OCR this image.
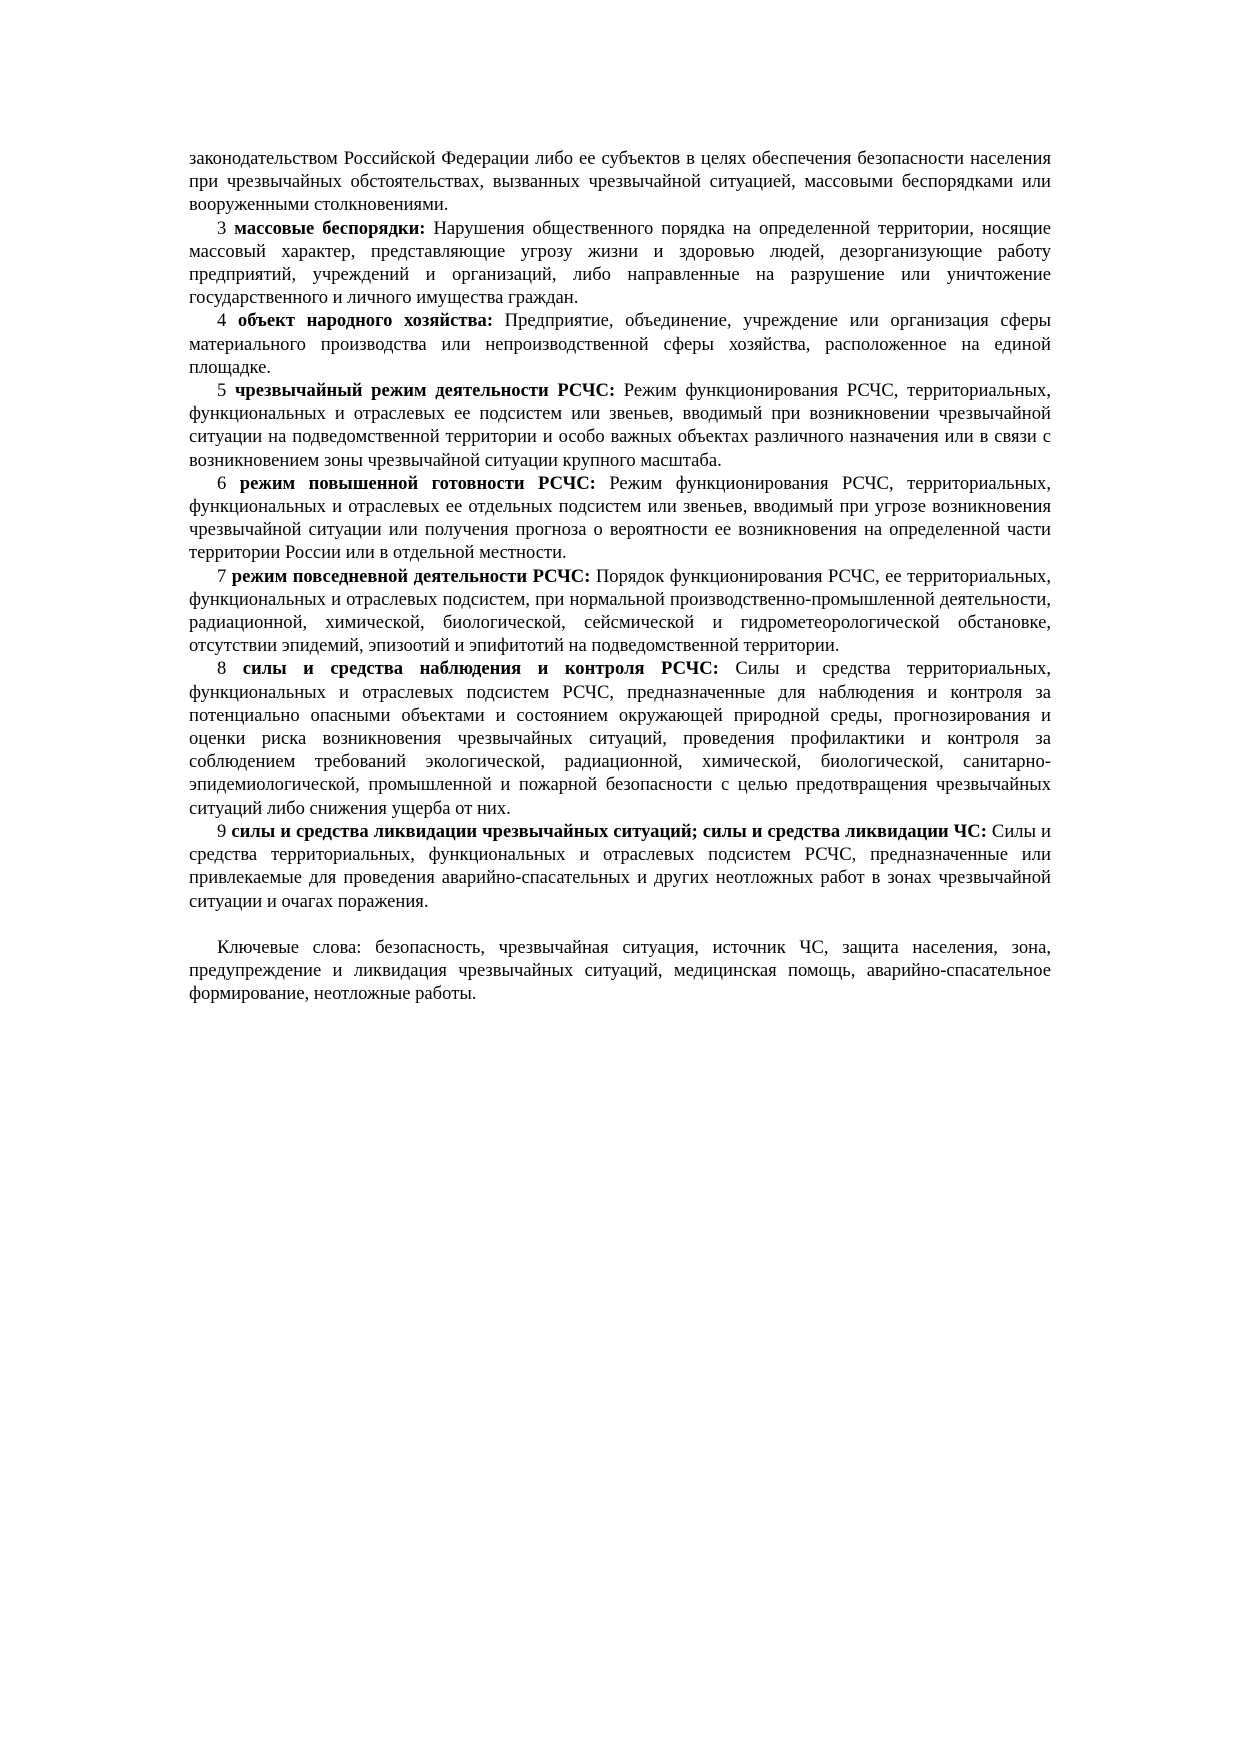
законодательством Российской Федерации либо ее субъектов в целях обеспечения безопасности населения при чрезвычайных обстоятельствах, вызванных чрезвычайной ситуацией, массовыми беспорядками или вооруженными столкновениями.

3 массовые беспорядки: Нарушения общественного порядка на определенной территории, носящие массовый характер, представляющие угрозу жизни и здоровью людей, дезорганизующие работу предприятий, учреждений и организаций, либо направленные на разрушение или уничтожение государственного и личного имущества граждан.

4 объект народного хозяйства: Предприятие, объединение, учреждение или организация сферы материального производства или непроизводственной сферы хозяйства, расположенное на единой площадке.

5 чрезвычайный режим деятельности РСЧС: Режим функционирования РСЧС, территориальных, функциональных и отраслевых ее подсистем или звеньев, вводимый при возникновении чрезвычайной ситуации на подведомственной территории и особо важных объектах различного назначения или в связи с возникновением зоны чрезвычайной ситуации крупного масштаба.

6 режим повышенной готовности РСЧС: Режим функционирования РСЧС, территориальных, функциональных и отраслевых ее отдельных подсистем или звеньев, вводимый при угрозе возникновения чрезвычайной ситуации или получения прогноза о вероятности ее возникновения на определенной части территории России или в отдельной местности.

7 режим повседневной деятельности РСЧС: Порядок функционирования РСЧС, ее территориальных, функциональных и отраслевых подсистем, при нормальной производственно-промышленной деятельности, радиационной, химической, биологической, сейсмической и гидрометеорологической обстановке, отсутствии эпидемий, эпизоотий и эпифитотий на подведомственной территории.

8 силы и средства наблюдения и контроля РСЧС: Силы и средства территориальных, функциональных и отраслевых подсистем РСЧС, предназначенные для наблюдения и контроля за потенциально опасными объектами и состоянием окружающей природной среды, прогнозирования и оценки риска возникновения чрезвычайных ситуаций, проведения профилактики и контроля за соблюдением требований экологической, радиационной, химической, биологической, санитарно-эпидемиологической, промышленной и пожарной безопасности с целью предотвращения чрезвычайных ситуаций либо снижения ущерба от них.

9 силы и средства ликвидации чрезвычайных ситуаций; силы и средства ликвидации ЧС: Силы и средства территориальных, функциональных и отраслевых подсистем РСЧС, предназначенные или привлекаемые для проведения аварийно-спасательных и других неотложных работ в зонах чрезвычайной ситуации и очагах поражения.

Ключевые слова: безопасность, чрезвычайная ситуация, источник ЧС, защита населения, зона, предупреждение и ликвидация чрезвычайных ситуаций, медицинская помощь, аварийно-спасательное формирование, неотложные работы.
